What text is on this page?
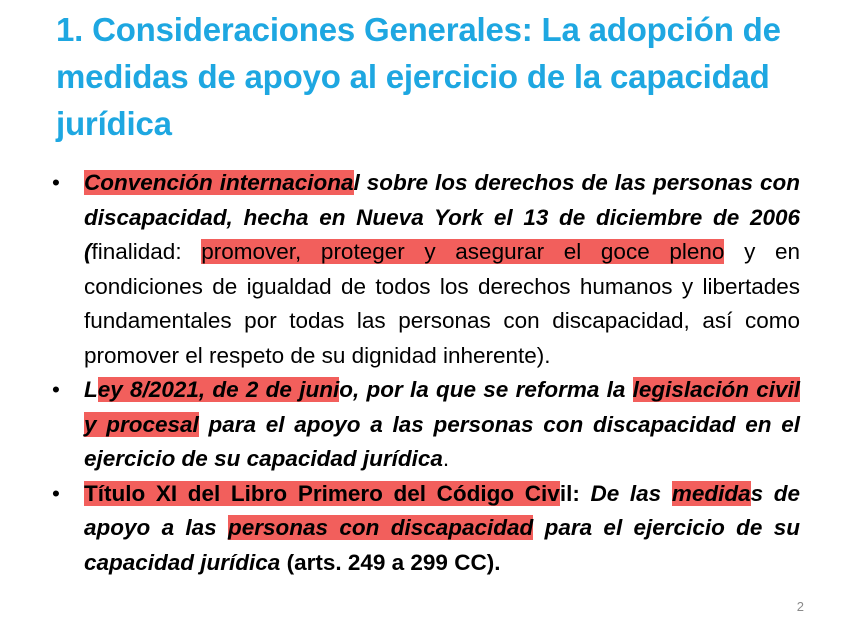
1. Consideraciones Generales: La adopción de medidas de apoyo al ejercicio de la capacidad jurídica
• Convención internacional sobre los derechos de las personas con discapacidad, hecha en Nueva York el 13 de diciembre de 2006 (finalidad: promover, proteger y asegurar el goce pleno y en condiciones de igualdad de todos los derechos humanos y libertades fundamentales por todas las personas con discapacidad, así como promover el respeto de su dignidad inherente).
• Ley 8/2021, de 2 de junio, por la que se reforma la legislación civil y procesal para el apoyo a las personas con discapacidad en el ejercicio de su capacidad jurídica.
• Título XI del Libro Primero del Código Civil: De las medidas de apoyo a las personas con discapacidad para el ejercicio de su capacidad jurídica (arts. 249 a 299 CC).
2
